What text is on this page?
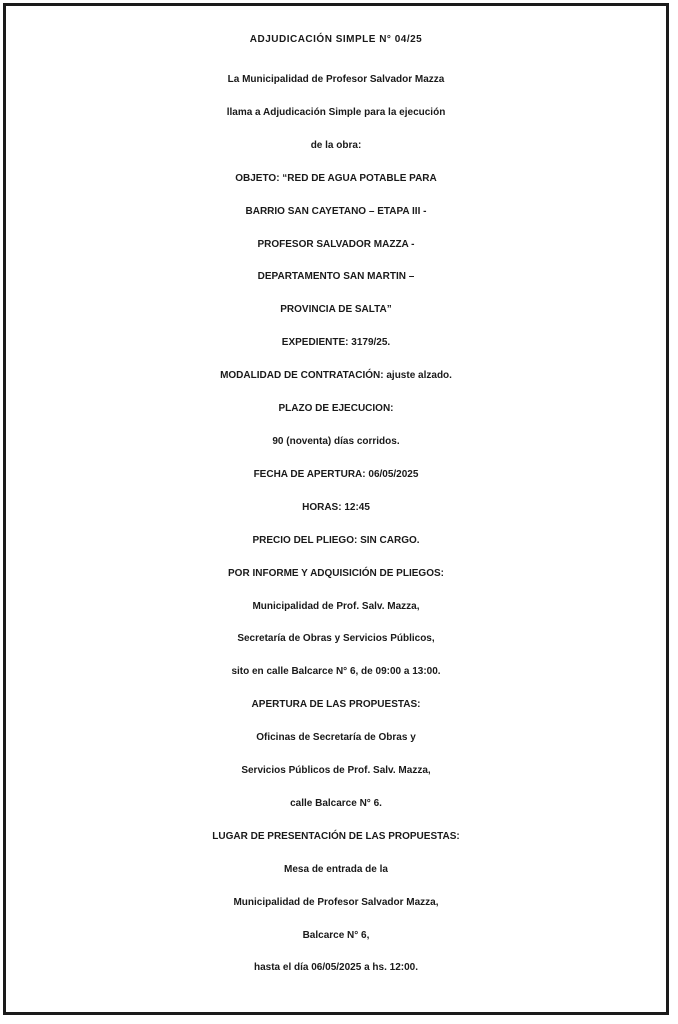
ADJUDICACIÓN SIMPLE N° 04/25
La Municipalidad de Profesor Salvador Mazza
llama a Adjudicación Simple para la ejecución
de la obra:
OBJETO: “RED DE AGUA POTABLE PARA
BARRIO SAN CAYETANO – ETAPA III -
PROFESOR SALVADOR MAZZA -
DEPARTAMENTO SAN MARTIN –
PROVINCIA DE SALTA”
EXPEDIENTE: 3179/25.
MODALIDAD DE CONTRATACIÓN: ajuste alzado.
PLAZO DE EJECUCION:
90 (noventa) días corridos.
FECHA DE APERTURA: 06/05/2025
HORAS: 12:45
PRECIO DEL PLIEGO: SIN CARGO.
POR INFORME Y ADQUISICIÓN DE PLIEGOS:
Municipalidad de Prof. Salv. Mazza,
Secretaría de Obras y Servicios Públicos,
sito en calle Balcarce N° 6, de 09:00 a 13:00.
APERTURA DE LAS PROPUESTAS:
Oficinas de Secretaría de Obras y
Servicios Públicos de Prof. Salv. Mazza,
calle Balcarce N° 6.
LUGAR DE PRESENTACIÓN DE LAS PROPUESTAS:
Mesa de entrada de la
Municipalidad de Profesor Salvador Mazza,
Balcarce N° 6,
hasta el día 06/05/2025 a hs. 12:00.
